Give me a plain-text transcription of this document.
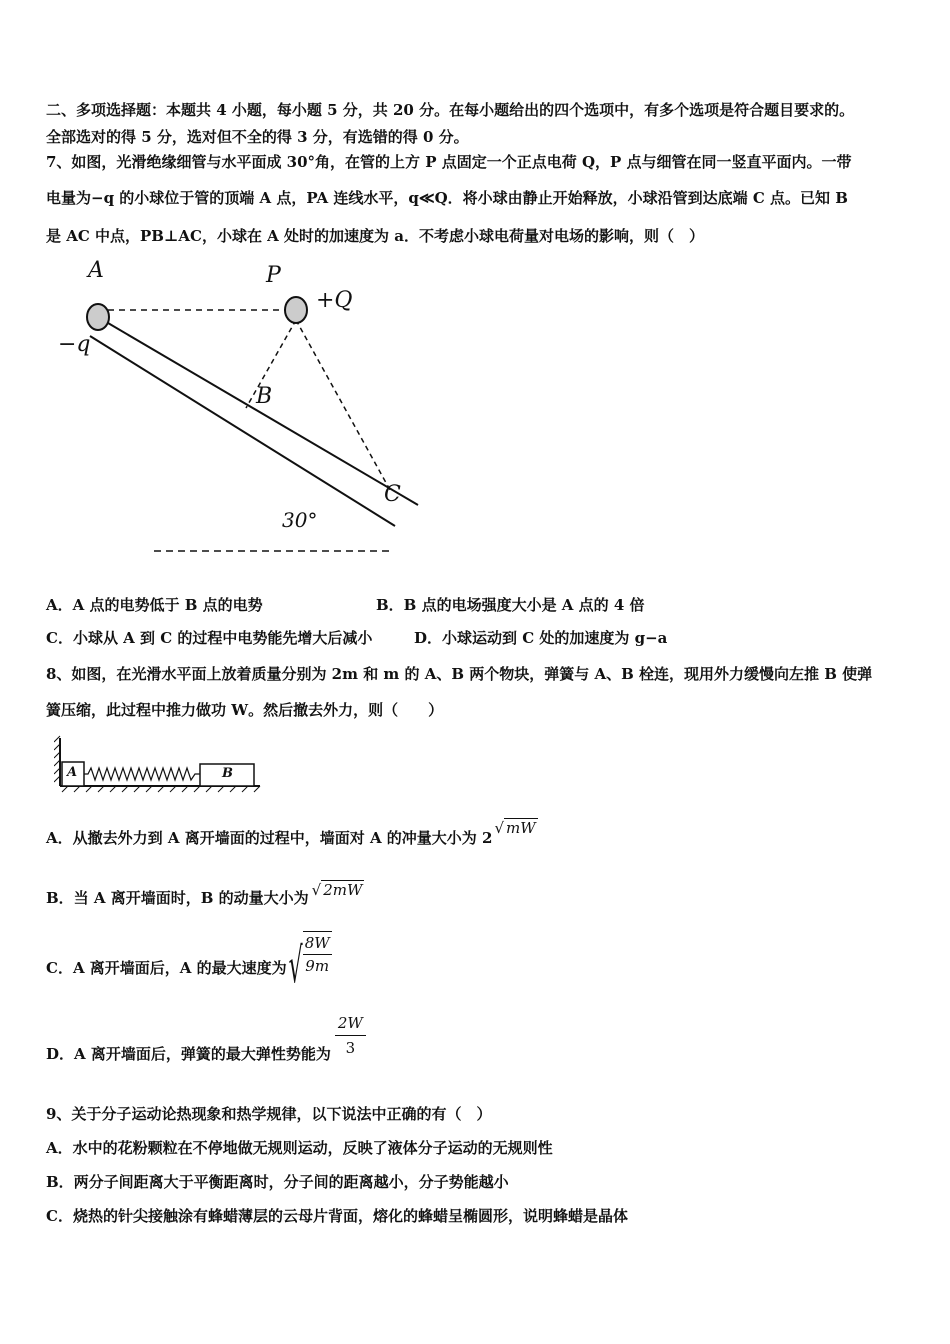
二、多项选择题：本题共 4 小题，每小题 5 分，共 20 分。在每小题给出的四个选项中，有多个选项是符合题目要求的。
全部选对的得 5 分，选对但不全的得 3 分，有选错的得 0 分。
7、如图，光滑绝缘细管与水平面成 30°角，在管的上方 P 点固定一个正点电荷 Q，P 点与细管在同一竖直平面内。一带
电量为−q 的小球位于管的顶端 A 点，PA 连线水平，q≪Q．将小球由静止开始释放，小球沿管到达底端 C 点。已知 B
是 AC 中点，PB⊥AC，小球在 A 处时的加速度为 a．不考虑小球电荷量对电场的影响，则（　）
A	P
+Q
−q
B
C
30°
A．A 点的电势低于 B 点的电势	B．B 点的电场强度大小是 A 点的 4 倍
C．小球从 A 到 C 的过程中电势能先增大后减小	D．小球运动到 C 处的加速度为 g−a
8、如图，在光滑水平面上放着质量分别为 2m 和 m 的 A、B 两个物块，弹簧与 A、B 栓连，现用外力缓慢向左推 B 使弹
簧压缩，此过程中推力做功 W。然后撤去外力，则（　　）
A	B
A．从撤去外力到 A 离开墙面的过程中，墙面对 A 的冲量大小为 2√ mW
B．当 A 离开墙面时，B 的动量大小为 √ 2mW
C．A 离开墙面后，A 的最大速度为√ $\frac{8W}{9m}$
D．A 离开墙面后，弹簧的最大弹性势能为 $\frac{2W}{3}$
9、关于分子运动论热现象和热学规律，以下说法中正确的有（　）
A．水中的花粉颗粒在不停地做无规则运动，反映了液体分子运动的无规则性
B．两分子间距离大于平衡距离时，分子间的距离越小，分子势能越小
C．烧热的针尖接触涂有蜂蜡薄层的云母片背面，熔化的蜂蜡呈椭圆形，说明蜂蜡是晶体
